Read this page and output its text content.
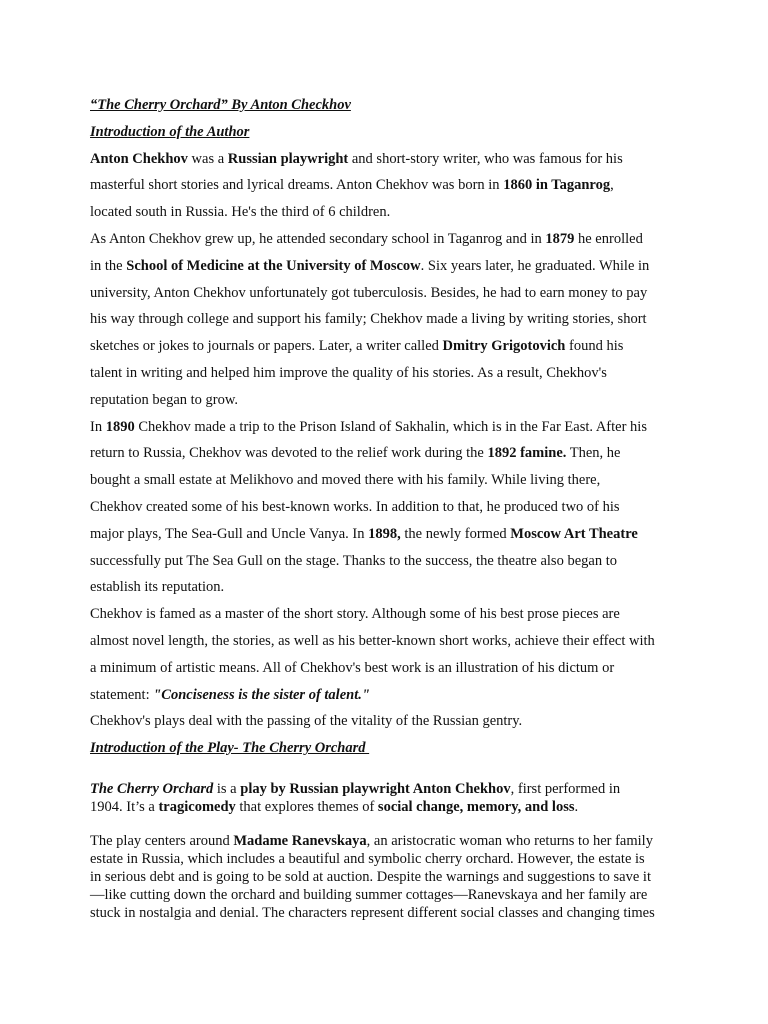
“The Cherry Orchard” By Anton Checkhov

Introduction of the Author

Anton Chekhov was a Russian playwright and short-story writer, who was famous for his
masterful short stories and lyrical dreams. Anton Chekhov was born in 1860 in Taganrog,
located south in Russia. He's the third of 6 children.

As Anton Chekhov grew up, he attended secondary school in Taganrog and in 1879 he enrolled
in the School of Medicine at the University of Moscow. Six years later, he graduated. While in
university, Anton Chekhov unfortunately got tuberculosis. Besides, he had to earn money to pay
his way through college and support his family; Chekhov made a living by writing stories, short
sketches or jokes to journals or papers. Later, a writer called Dmitry Grigotovich found his
talent in writing and helped him improve the quality of his stories. As a result, Chekhov's
reputation began to grow.

In 1890 Chekhov made a trip to the Prison Island of Sakhalin, which is in the Far East. After his
return to Russia, Chekhov was devoted to the relief work during the 1892 famine. Then, he
bought a small estate at Melikhovo and moved there with his family. While living there,
Chekhov created some of his best-known works. In addition to that, he produced two of his
major plays, The Sea-Gull and Uncle Vanya. In 1898, the newly formed Moscow Art Theatre
successfully put The Sea Gull on the stage. Thanks to the success, the theatre also began to
establish its reputation.

Chekhov is famed as a master of the short story. Although some of his best prose pieces are
almost novel length, the stories, as well as his better-known short works, achieve their effect with
a minimum of artistic means. All of Chekhov's best work is an illustration of his dictum or
statement: "Conciseness is the sister of talent."

Chekhov's plays deal with the passing of the vitality of the Russian gentry.

Introduction of the Play- The Cherry Orchard

The Cherry Orchard is a play by Russian playwright Anton Chekhov, first performed in
1904. It’s a tragicomedy that explores themes of social change, memory, and loss.

The play centers around Madame Ranevskaya, an aristocratic woman who returns to her family
estate in Russia, which includes a beautiful and symbolic cherry orchard. However, the estate is
in serious debt and is going to be sold at auction. Despite the warnings and suggestions to save it
—like cutting down the orchard and building summer cottages—Ranevskaya and her family are
stuck in nostalgia and denial. The characters represent different social classes and changing times
